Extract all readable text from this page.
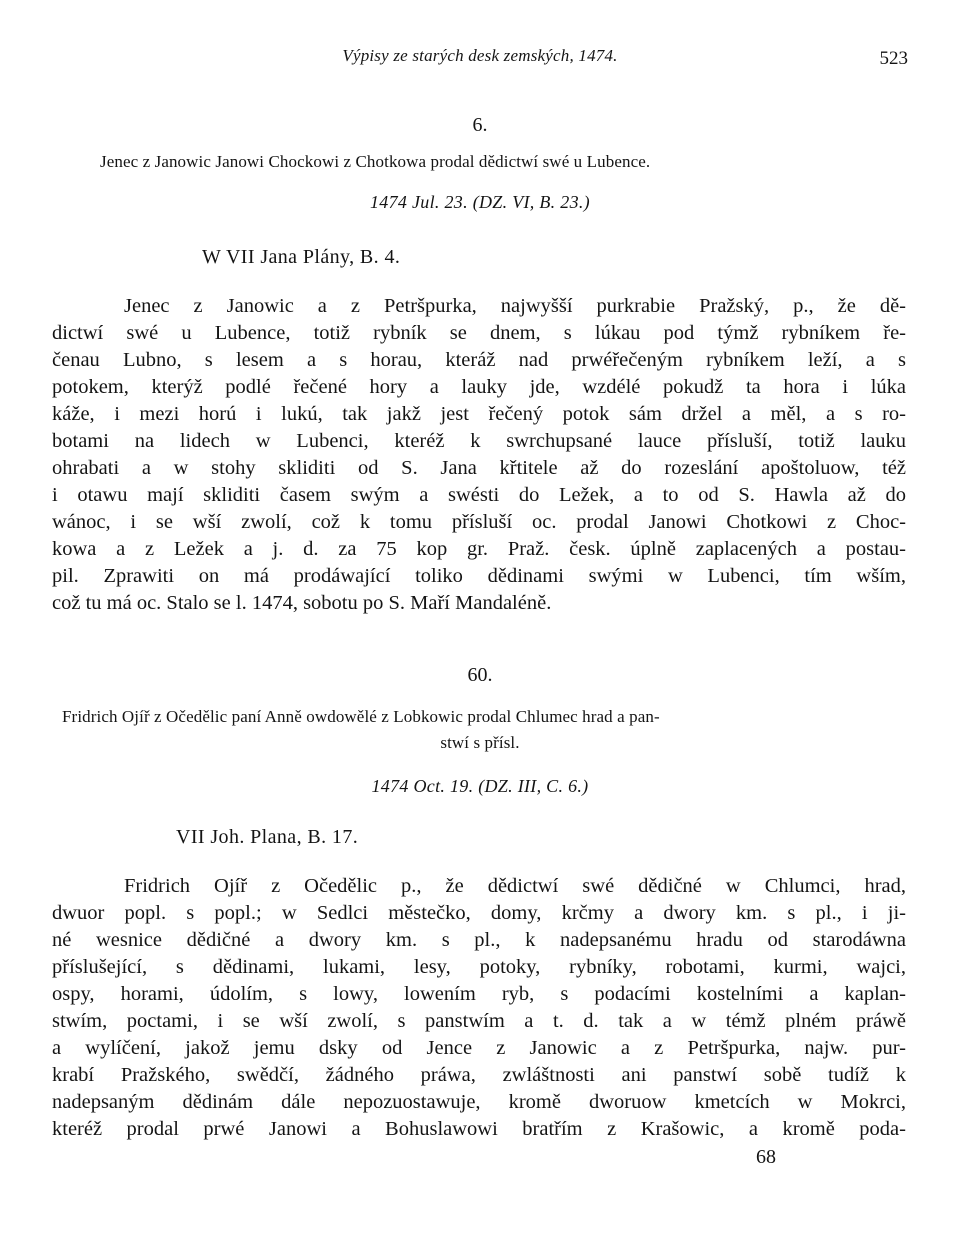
Výpisy ze starých desk zemských, 1474.	523
6.
Jenec z Janowic Janowi Chockowi z Chotkowa prodal dědictwí swé u Lubence.
1474 Jul. 23. (DZ. VI, B. 23.)
W VII Jana Plány, B. 4.
Jenec z Janowic a z Petršpurka, najwyšší purkrabie Pražský, p., že dě-
dictwí swé u Lubence, totiž rybník se dnem, s lúkau pod týmž rybníkem ře-
čenau Lubno, s lesem a s horau, kteráž nad prwéřečeným rybníkem leží, a s
potokem, kterýž podlé řečené hory a lauky jde, wzdélé pokudž ta hora i lúka
káže, i mezi horú i lukú, tak jakž jest řečený potok sám držel a měl, a s ro-
botami na lidech w Lubenci, kteréž k swrchupsané lauce přísluší, totiž lauku
ohrabati a w stohy skliditi od S. Jana křtitele až do rozeslání apoštoluow, též
i otawu mají skliditi časem swým a swésti do Ležek, a to od S. Hawla až do
wánoc, i se wší zwolí, což k tomu přísluší oc. prodal Janowi Chotkowi z Choc-
kowa a z Ležek a j. d. za 75 kop gr. Praž. česk. úplně zaplacených a postau-
pil. Zprawiti on má prodáwající toliko dědinami swými w Lubenci, tím wším,
což tu má oc. Stalo se l. 1474, sobotu po S. Maří Mandaléně.
60.
Fridrich Ojíř z Očedělic paní Anně owdowělé z Lobkowic prodal Chlumec hrad a pan-
stwí s přísl.
1474 Oct. 19. (DZ. III, C. 6.)
VII Joh. Plana, B. 17.
Fridrich Ojíř z Očedělic p., že dědictwí swé dědičné w Chlumci, hrad,
dwuor popl. s popl.; w Sedlci městečko, domy, krčmy a dwory km. s pl., i ji-
né wesnice dědičné a dwory km. s pl., k nadepsanému hradu od starodáwna
příslušející, s dědinami, lukami, lesy, potoky, rybníky, robotami, kurmi, wajci,
ospy, horami, údolím, s lowy, lowením ryb, s podacími kostelními a kaplan-
stwím, poctami, i se wší zwolí, s panstwím a t. d. tak a w témž plném práwě
a wylíčení, jakož jemu dsky od Jence z Janowic a z Petršpurka, najw. pur-
krabí Pražského, swědčí, žádného práwa, zwláštnosti ani panstwí sobě tudíž k
nadepsaným dědinám dále nepozuostawuje, kromě dworuow kmetcích w Mokrci,
kteréž prodal prwé Janowi a Bohuslawowi bratřím z Krašowic, a kromě poda-
68
